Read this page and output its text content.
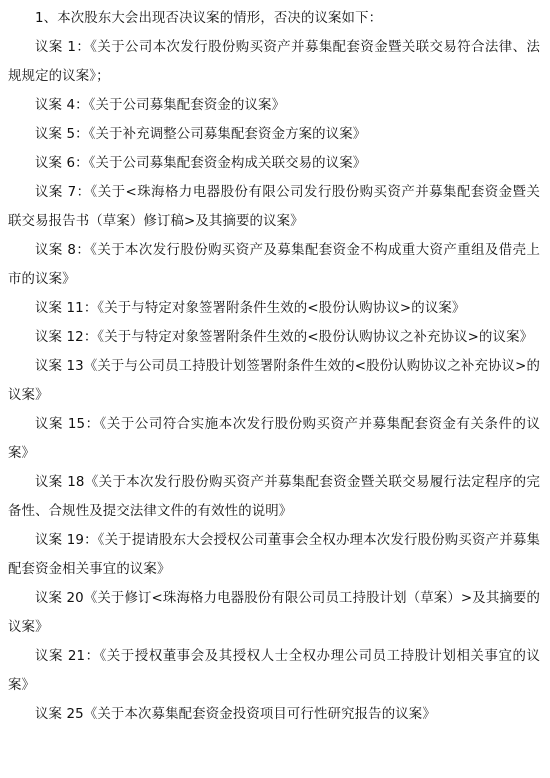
1、本次股东大会出现否决议案的情形，否决的议案如下：

议案 1：《关于公司本次发行股份购买资产并募集配套资金暨关联交易符合法律、法规规定的议案》；

议案 4：《关于公司募集配套资金的议案》

议案 5：《关于补充调整公司募集配套资金方案的议案》

议案 6：《关于公司募集配套资金构成关联交易的议案》

议案 7：《关于<珠海格力电器股份有限公司发行股份购买资产并募集配套资金暨关联交易报告书（草案）修订稿>及其摘要的议案》

议案 8：《关于本次发行股份购买资产及募集配套资金不构成重大资产重组及借壳上市的议案》

议案 11：《关于与特定对象签署附条件生效的<股份认购协议>的议案》

议案 12：《关于与特定对象签署附条件生效的<股份认购协议之补充协议>的议案》

议案 13《关于与公司员工持股计划签署附条件生效的<股份认购协议之补充协议>的议案》

议案 15：《关于公司符合实施本次发行股份购买资产并募集配套资金有关条件的议案》

议案 18《关于本次发行股份购买资产并募集配套资金暨关联交易履行法定程序的完备性、合规性及提交法律文件的有效性的说明》

议案 19：《关于提请股东大会授权公司董事会全权办理本次发行股份购买资产并募集配套资金相关事宜的议案》

议案 20《关于修订<珠海格力电器股份有限公司员工持股计划（草案）>及其摘要的议案》

议案 21：《关于授权董事会及其授权人士全权办理公司员工持股计划相关事宜的议案》

议案 25《关于本次募集配套资金投资项目可行性研究报告的议案》
